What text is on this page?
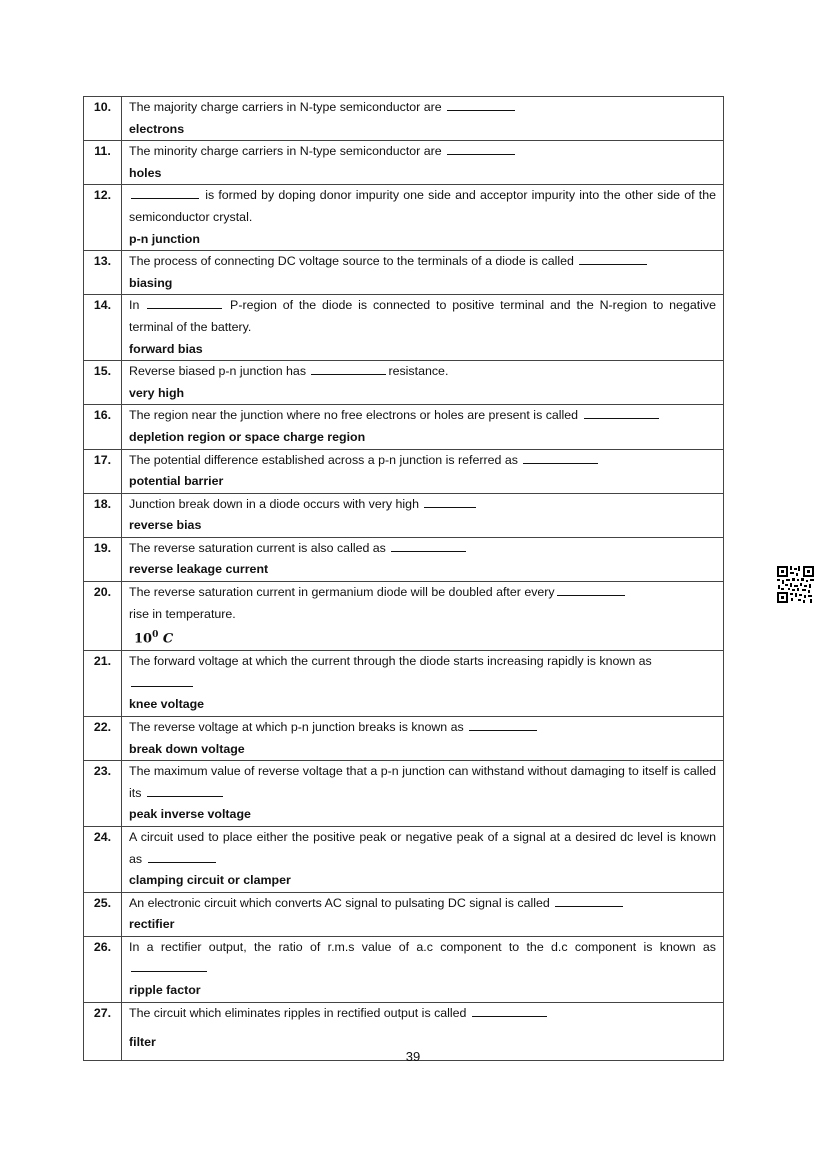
10.	The majority charge carriers in N-type semiconductor are
electrons

11.	The minority charge carriers in N-type semiconductor are
holes

12.	is formed by doping donor impurity one side and acceptor impurity into the other side of the semiconductor crystal.
p-n junction

13.	The process of connecting DC voltage source to the terminals of a diode is called
biasing

14.	In P-region of the diode is connected to positive terminal and the N-region to negative terminal of the battery.
forward bias

15.	Reverse biased p-n junction has resistance.
very high

16.	The region near the junction where no free electrons or holes are present is called
depletion region or space charge region

17.	The potential difference established across a p-n junction is referred as
potential barrier

18.	Junction break down in a diode occurs with very high
reverse bias

19.	The reverse saturation current is also called as
reverse leakage current

20.	The reverse saturation current in germanium diode will be doubled after every
rise in temperature.
$10^0$ C

21.	The forward voltage at which the current through the diode starts increasing rapidly is known as
knee voltage

22.	The reverse voltage at which p-n junction breaks is known as
break down voltage

23.	The maximum value of reverse voltage that a p-n junction can withstand without damaging to itself is called its
peak inverse voltage

24.	A circuit used to place either the positive peak or negative peak of a signal at a desired dc level is known as
clamping circuit or clamper

25.	An electronic circuit which converts AC signal to pulsating DC signal is called
rectifier

26.	In a rectifier output, the ratio of r.m.s value of a.c component to the d.c component is known as
ripple factor

27.	The circuit which eliminates ripples in rectified output is called
filter
39
